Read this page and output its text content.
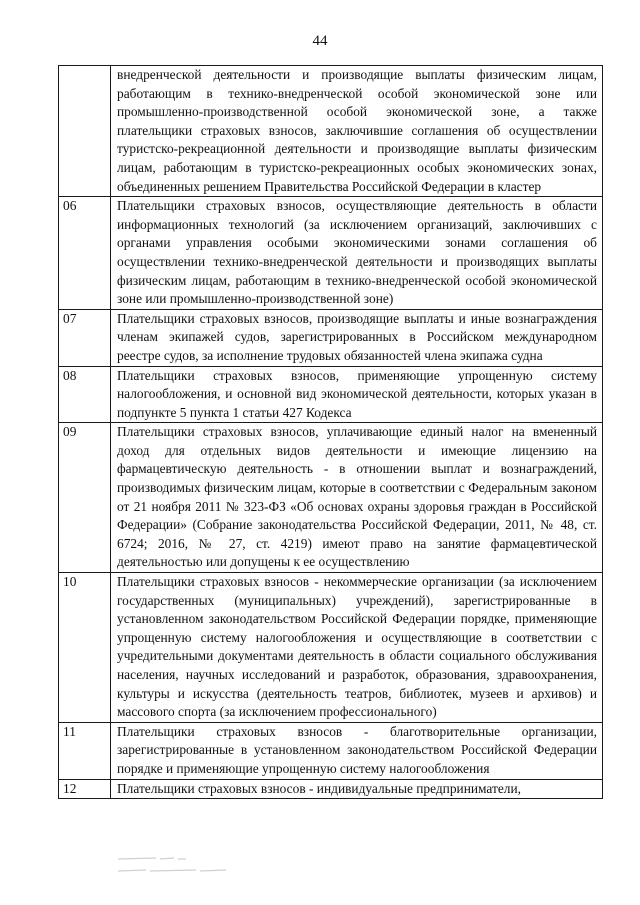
44
	внедренческой деятельности и производящие выплаты физическим лицам, работающим в технико-внедренческой особой экономической зоне или промышленно-производственной особой экономической зоне, а также плательщики страховых взносов, заключившие соглашения об осуществлении туристско-рекреационной деятельности и производящие выплаты физическим лицам, работающим в туристско-рекреационных особых экономических зонах, объединенных решением Правительства Российской Федерации в кластер
06	Плательщики страховых взносов, осуществляющие деятельность в области информационных технологий (за исключением организаций, заключивших с органами управления особыми экономическими зонами соглашения об осуществлении технико-внедренческой деятельности и производящих выплаты физическим лицам, работающим в технико-внедренческой особой экономической зоне или промышленно-производственной зоне)
07	Плательщики страховых взносов, производящие выплаты и иные вознаграждения членам экипажей судов, зарегистрированных в Российском международном реестре судов, за исполнение трудовых обязанностей члена экипажа судна
08	Плательщики страховых взносов, применяющие упрощенную систему налогообложения, и основной вид экономической деятельности, которых указан в подпункте 5 пункта 1 статьи 427 Кодекса
09	Плательщики страховых взносов, уплачивающие единый налог на вмененный доход для отдельных видов деятельности и имеющие лицензию на фармацевтическую деятельность - в отношении выплат и вознаграждений, производимых физическим лицам, которые в соответствии с Федеральным законом от 21 ноября 2011 № 323-ФЗ «Об основах охраны здоровья граждан в Российской Федерации» (Собрание законодательства Российской Федерации, 2011, № 48, ст. 6724; 2016, № 27, ст. 4219) имеют право на занятие фармацевтической деятельностью или допущены к ее осуществлению
10	Плательщики страховых взносов - некоммерческие организации (за исключением государственных (муниципальных) учреждений), зарегистрированные в установленном законодательством Российской Федерации порядке, применяющие упрощенную систему налогообложения и осуществляющие в соответствии с учредительными документами деятельность в области социального обслуживания населения, научных исследований и разработок, образования, здравоохранения, культуры и искусства (деятельность театров, библиотек, музеев и архивов) и массового спорта (за исключением профессионального)
11	Плательщики страховых взносов - благотворительные организации, зарегистрированные в установленном законодательством Российской Федерации порядке и применяющие упрощенную систему налогообложения
12	Плательщики страховых взносов - индивидуальные предприниматели,
